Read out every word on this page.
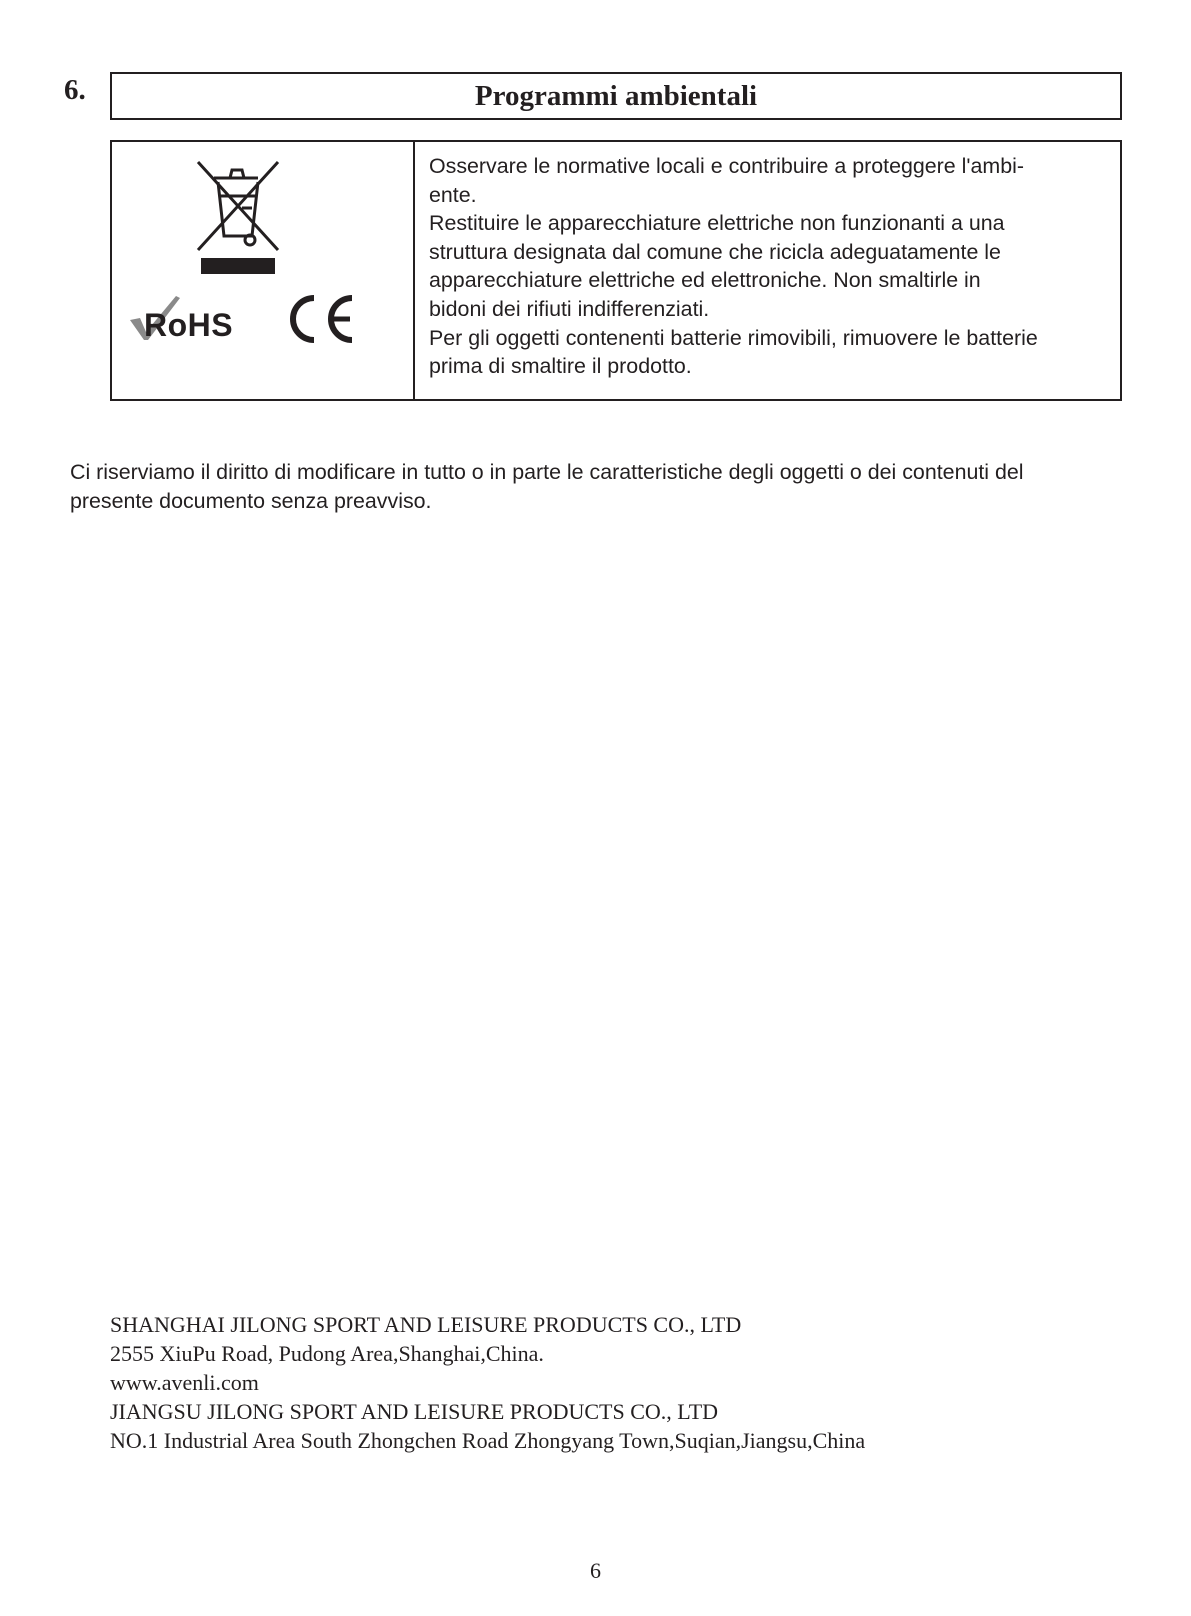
6.	Programmi ambientali
RoHS	CE

Osservare le normative locali e contribuire a proteggere l'ambi-

ente.

Restituire le apparecchiature elettriche non funzionanti a una

struttura designata dal comune che ricicla adeguatamente le

apparecchiature elettriche ed elettroniche. Non smaltirle in

bidoni dei rifiuti indifferenziati.

Per gli oggetti contenenti batterie rimovibili, rimuovere le batterie

prima di smaltire il prodotto.

Ci riserviamo il diritto di modificare in tutto o in parte le caratteristiche degli oggetti o dei contenuti del
presente documento senza preavviso.
SHANGHAI JILONG SPORT AND LEISURE PRODUCTS CO., LTD
2555 XiuPu Road, Pudong Area,Shanghai,China.
www.avenli.com
JIANGSU JILONG SPORT AND LEISURE PRODUCTS CO., LTD
NO.1 Industrial Area South Zhongchen Road Zhongyang Town,Suqian,Jiangsu,China
6
